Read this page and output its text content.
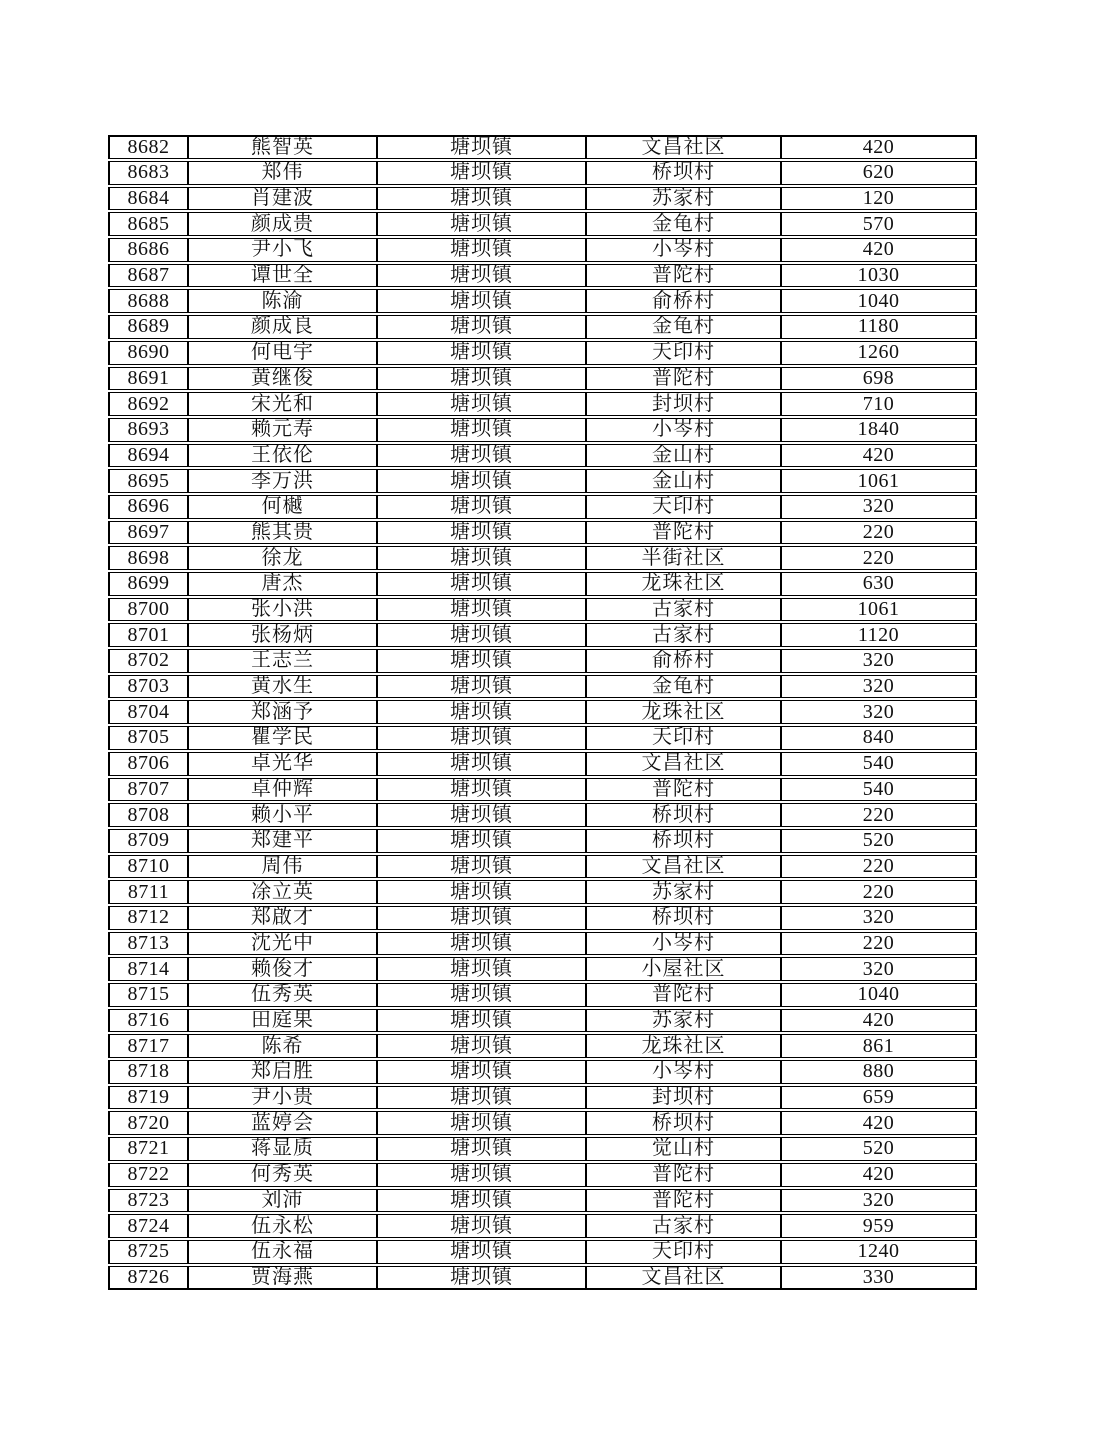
8682	熊智英	塘坝镇	文昌社区	420
8683	郑伟	塘坝镇	桥坝村	620
8684	肖建波	塘坝镇	苏家村	120
8685	颜成贵	塘坝镇	金龟村	570
8686	尹小飞	塘坝镇	小岑村	420
8687	谭世全	塘坝镇	普陀村	1030
8688	陈渝	塘坝镇	俞桥村	1040
8689	颜成良	塘坝镇	金龟村	1180
8690	何电宇	塘坝镇	天印村	1260
8691	黄继俊	塘坝镇	普陀村	698
8692	宋光和	塘坝镇	封坝村	710
8693	赖元寿	塘坝镇	小岑村	1840
8694	王依伦	塘坝镇	金山村	420
8695	李万洪	塘坝镇	金山村	1061
8696	何樾	塘坝镇	天印村	320
8697	熊其贵	塘坝镇	普陀村	220
8698	徐龙	塘坝镇	半街社区	220
8699	唐杰	塘坝镇	龙珠社区	630
8700	张小洪	塘坝镇	古家村	1061
8701	张杨炳	塘坝镇	古家村	1120
8702	王志兰	塘坝镇	俞桥村	320
8703	黄水生	塘坝镇	金龟村	320
8704	郑涵予	塘坝镇	龙珠社区	320
8705	瞿学民	塘坝镇	天印村	840
8706	卓光华	塘坝镇	文昌社区	540
8707	卓仲辉	塘坝镇	普陀村	540
8708	赖小平	塘坝镇	桥坝村	220
8709	郑建平	塘坝镇	桥坝村	520
8710	周伟	塘坝镇	文昌社区	220
8711	凃立英	塘坝镇	苏家村	220
8712	郑啟才	塘坝镇	桥坝村	320
8713	沈光中	塘坝镇	小岑村	220
8714	赖俊才	塘坝镇	小屋社区	320
8715	伍秀英	塘坝镇	普陀村	1040
8716	田庭果	塘坝镇	苏家村	420
8717	陈希	塘坝镇	龙珠社区	861
8718	郑启胜	塘坝镇	小岑村	880
8719	尹小贵	塘坝镇	封坝村	659
8720	蓝婷会	塘坝镇	桥坝村	420
8721	蒋显质	塘坝镇	觉山村	520
8722	何秀英	塘坝镇	普陀村	420
8723	刘沛	塘坝镇	普陀村	320
8724	伍永松	塘坝镇	古家村	959
8725	伍永福	塘坝镇	天印村	1240
8726	贾海燕	塘坝镇	文昌社区	330
